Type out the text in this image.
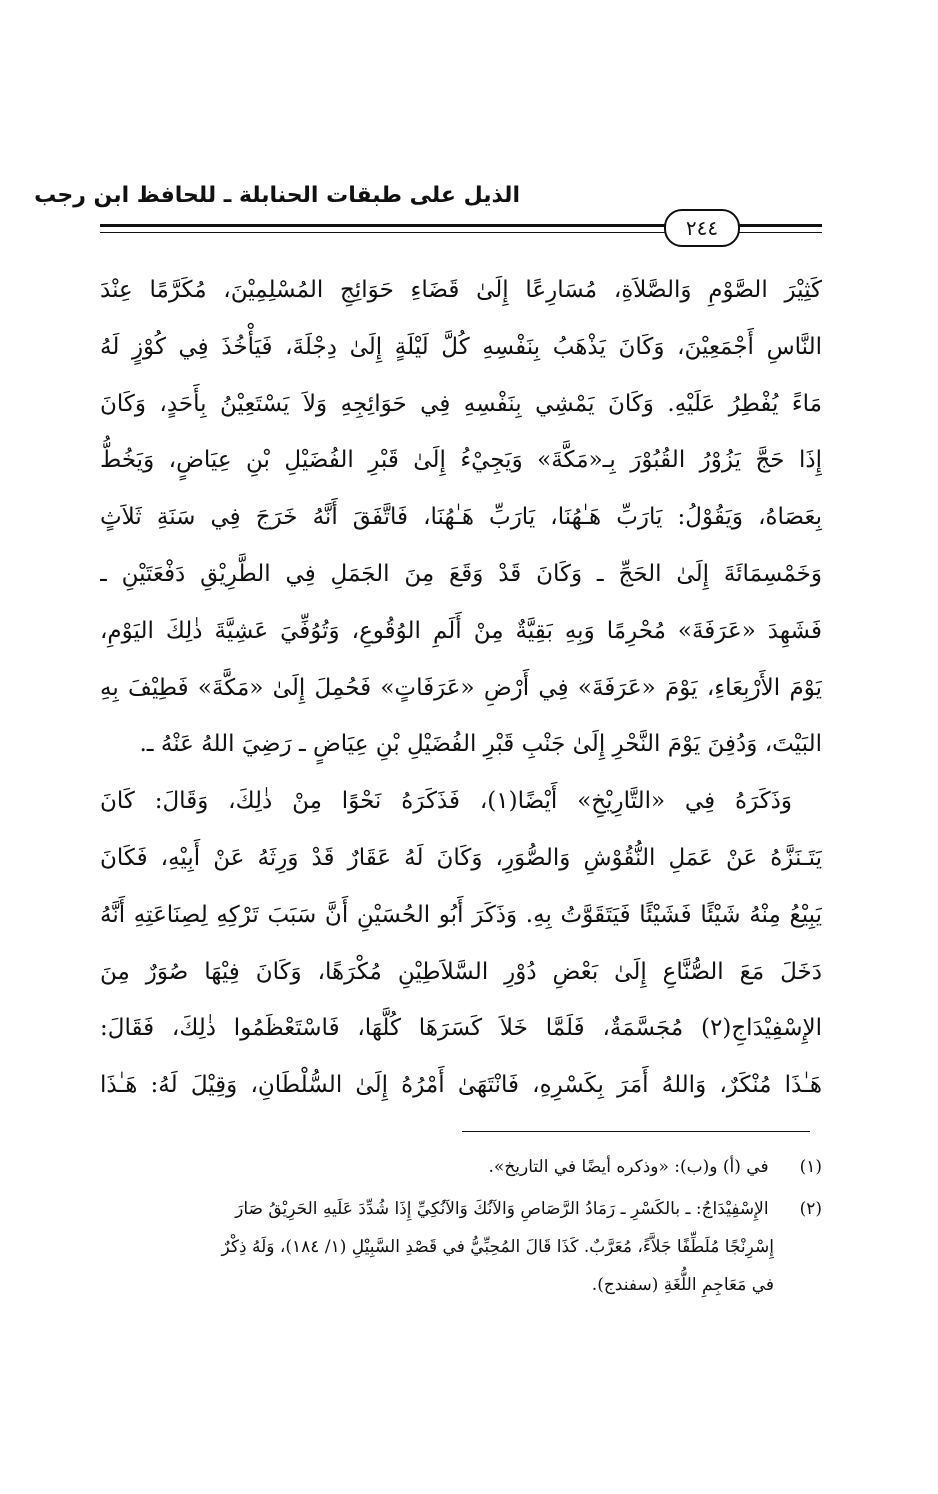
الذيل على طبقات الحنابلة ـ للحافظ ابن رجب
٢٤٤
كَثِيْرَ الصَّوْمِ وَالصَّلاَةِ، مُسَارِعًا إِلَىٰ قَضَاءِ حَوَائِجِ المُسْلِمِيْنَ، مُكَرَّمًا عِنْدَ
النَّاسِ أَجْمَعِيْنَ، وَكَانَ يَذْهَبُ بِنَفْسِهِ كُلَّ لَيْلَةٍ إِلَىٰ دِجْلَةَ، فَيَأْخُذَ فِي كُوْزٍ لَهُ
مَاءً يُفْطِرُ عَلَيْهِ. وَكَانَ يَمْشِي بِنَفْسِهِ فِي حَوَائِجِهِ وَلاَ يَسْتَعِيْنُ بِأَحَدٍ، وَكَانَ
إِذَا حَجَّ يَزُوْرُ القُبُوْرَ بِـ«مَكَّةَ» وَيَجِيْءُ إِلَىٰ قَبْرِ الفُضَيْلِ بْنِ عِيَاضٍ، وَيَخُطُّ
بِعَصَاهُ، وَيَقُوْلُ: يَارَبِّ هَـٰهُنَا، يَارَبِّ هَـٰهُنَا، فَاتَّفَقَ أَنَّهُ خَرَجَ فِي سَنَةِ ثَلاَثٍ
وَخَمْسِمَائَةَ إِلَىٰ الحَجِّ ـ وَكَانَ قَدْ وَقَعَ مِنَ الجَمَلِ فِي الطَّرِيْقِ دَفْعَتَيْنِ ـ
فَشَهِدَ «عَرَفَةَ» مُحْرِمًا وَبِهِ بَقِيَّةٌ مِنْ أَلَمِ الوُقُوعِ، وَتُوُفِّيَ عَشِيَّةَ ذٰلِكَ اليَوْمِ،
يَوْمَ الأَرْبِعَاءِ، يَوْمَ «عَرَفَةَ» فِي أَرْضِ «عَرَفَاتٍ» فَحُمِلَ إِلَىٰ «مَكَّةَ» فَطِيْفَ بِهِ
البَيْتَ، وَدُفِنَ يَوْمَ النَّحْرِ إِلَىٰ جَنْبِ قَبْرِ الفُضَيْلِ بْنِ عِيَاضٍ ـ رَضِيَ اللهُ عَنْهُ ـ.
وَذَكَرَهُ فِي «التَّارِيْخِ» أَيْضًا(١)، فَذَكَرَهُ نَحْوًا مِنْ ذٰلِكَ، وَقَالَ: كَانَ
يَتَـنَزَّهُ عَنْ عَمَلِ النُّقُوْشِ وَالصُّوَرِ، وَكَانَ لَهُ عَقَارٌ قَدْ وَرِثَهُ عَنْ أَبِيْهِ، فَكَانَ
يَبِيْعُ مِنْهُ شَيْئًا فَشَيْئًا فَيَتَقَوَّتُ بِهِ. وَذَكَرَ أَبُو الحُسَيْنِ أَنَّ سَبَبَ تَرْكِهِ لِصِنَاعَتِهِ أَنَّهُ
دَخَلَ مَعَ الصُّنَّاعِ إِلَىٰ بَعْضِ دُوْرِ السَّلاَطِيْنِ مُكْرَهًا، وَكَانَ فِيْهَا صُوَرٌ مِنَ
الإِسْفِيْدَاجِ(٢) مُجَسَّمَةٌ، فَلَمَّا خَلاَ كَسَرَهَا كُلَّهَا، فَاسْتَعْظَمُوا ذٰلِكَ، فَقَالَ:
هَـٰذَا مُنْكَرٌ، وَاللهُ أَمَرَ بِكَسْرِهِ، فَانْتَهَىٰ أَمْرُهُ إِلَىٰ السُّلْطَانِ، وَقِيْلَ لَهُ: هَـٰذَا
(١) في (أ) و(ب): «وذكره أيضًا في التاريخ».
(٢) الإِسْفِيْدَاجُ: ـ بالكَسْرِ ـ رَمَادُ الرَّصَاصِ وَالآنُكَ وَالآنُكِيِّ إِذَا شُدِّدَ عَلَيهِ الحَرِيْقُ صَارَ
إِسْرِنْجًا مُلَطِّفًا جَلاَّءً، مُعَرَّبٌ. كَذَا قَالَ المُحِبِّيُّ في قَصْدِ السَّبِيْلِ (١/ ١٨٤)، وَلَهُ ذِكْرٌ
في مَعَاجِمِ اللُّغَةِ (سفندج).
